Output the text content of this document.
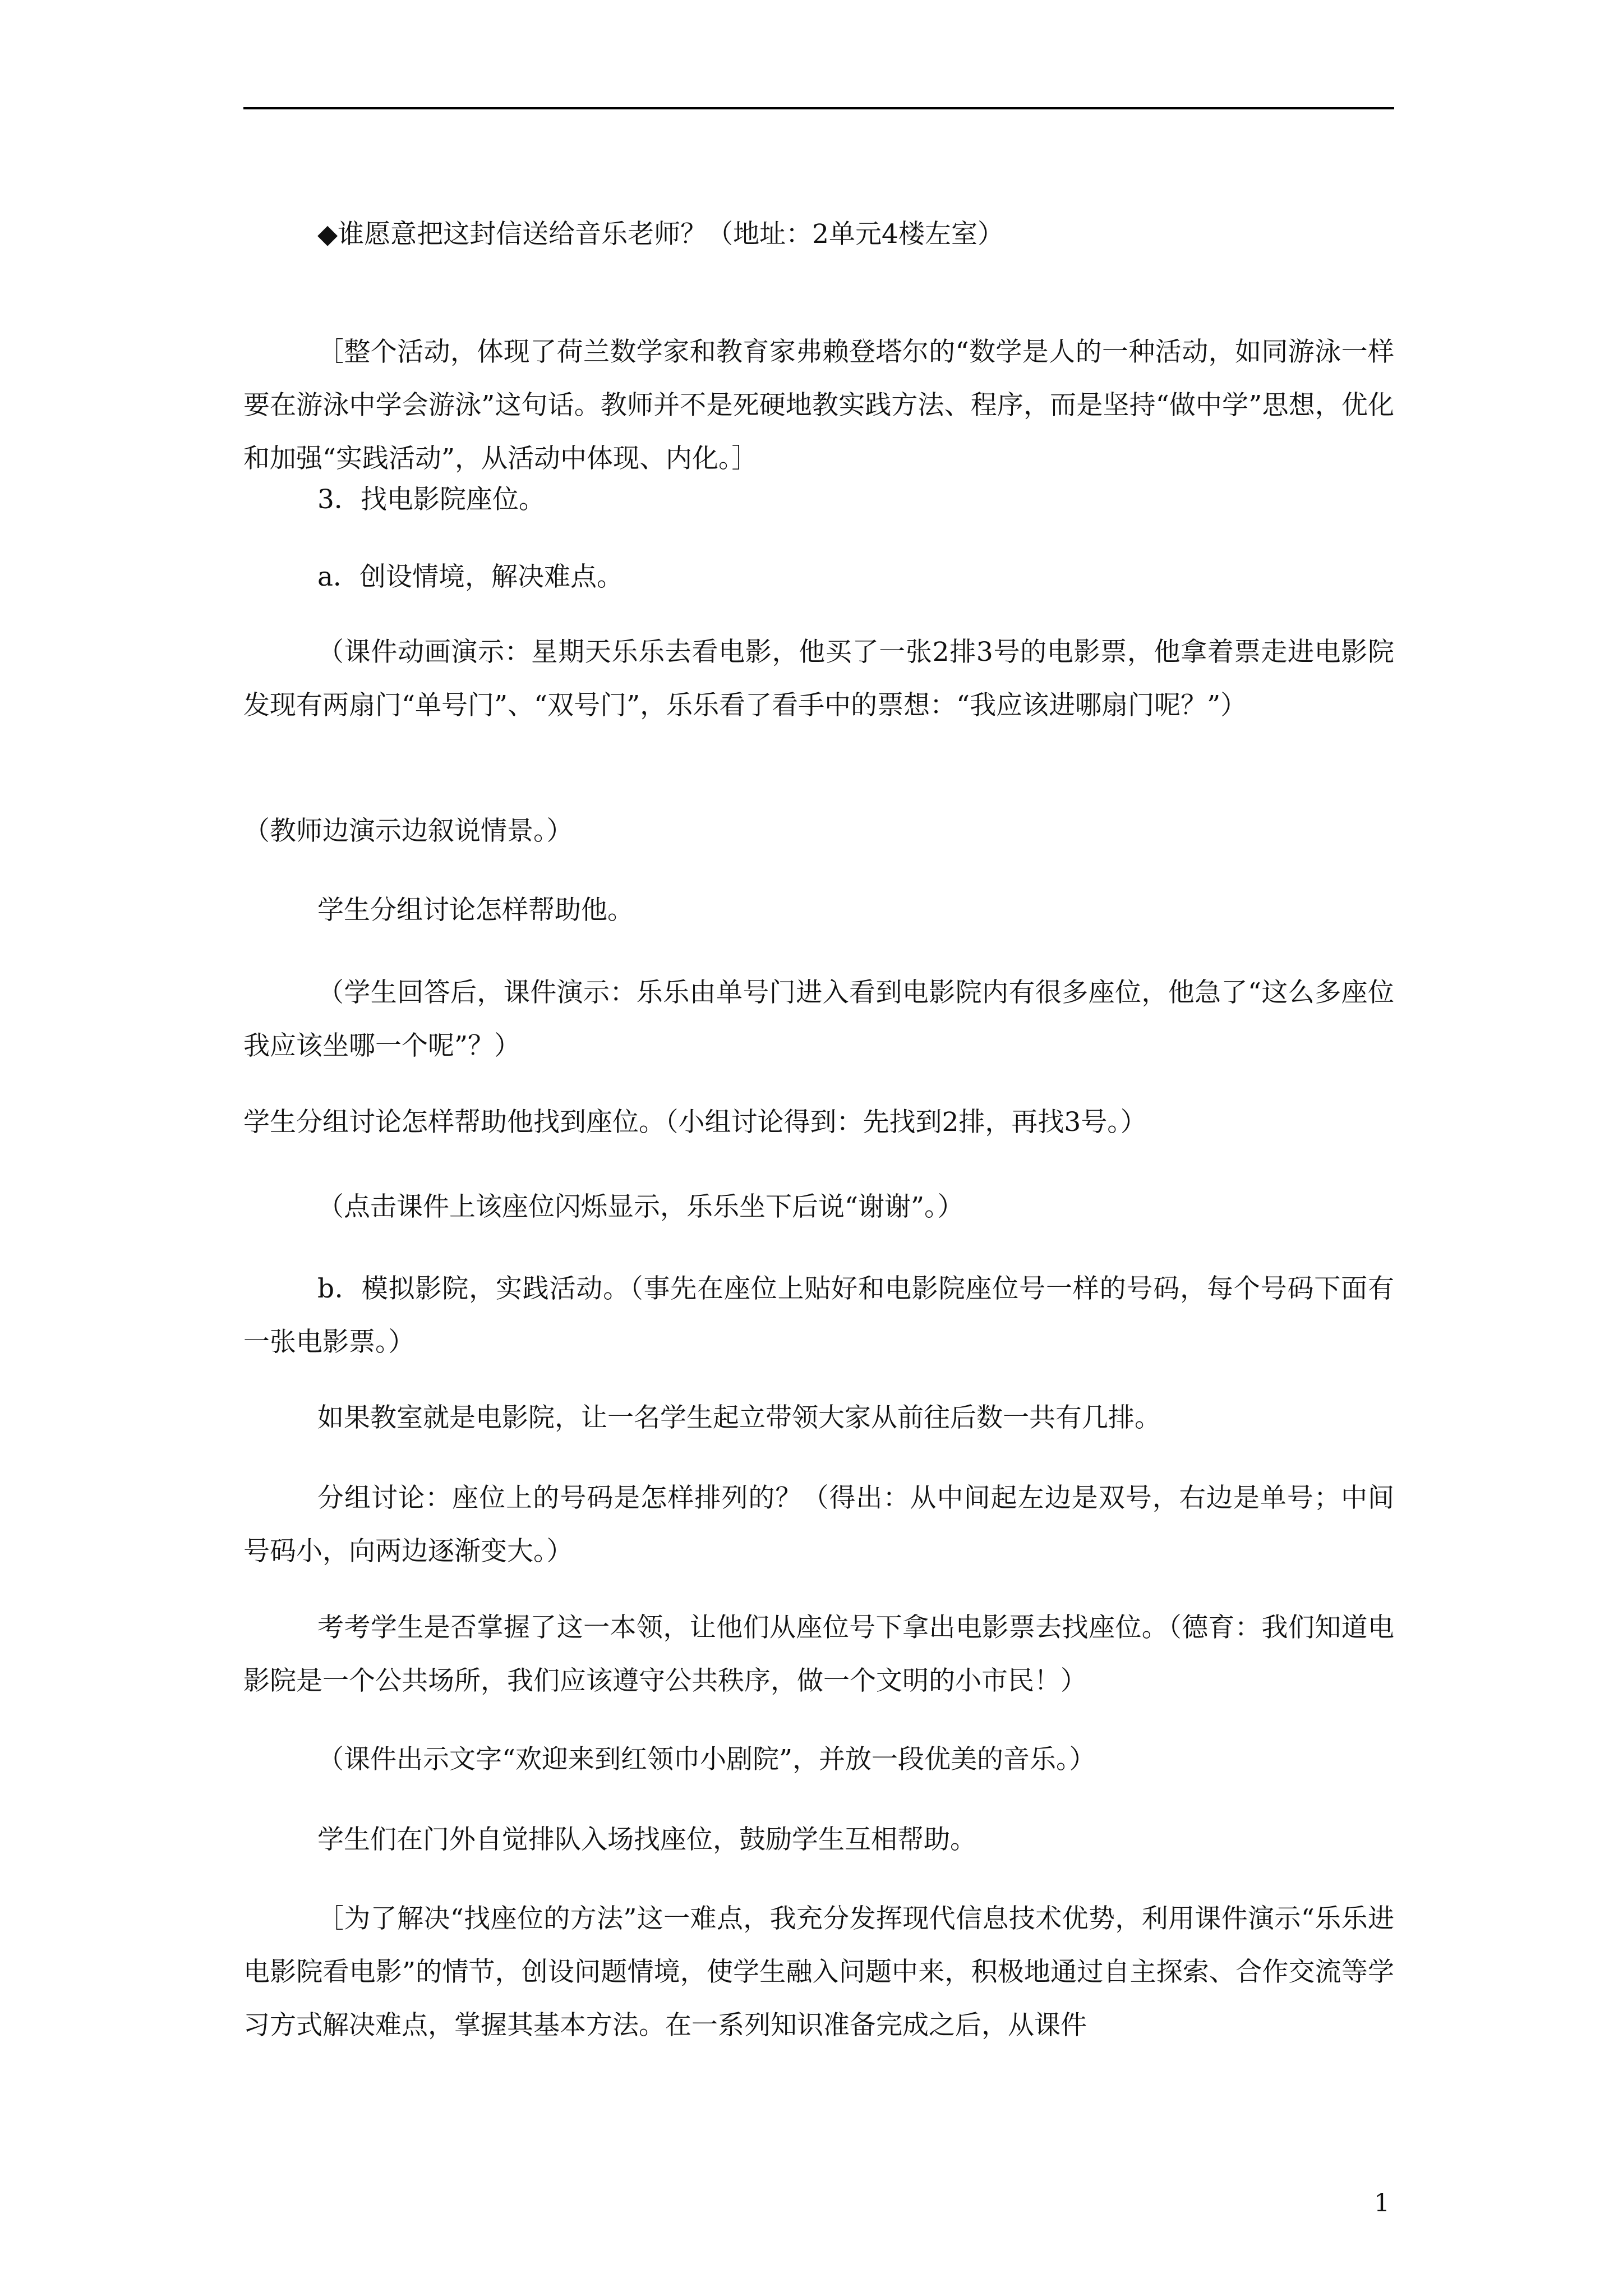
◆谁愿意把这封信送给音乐老师？（地址：2单元4楼左室）

［整个活动，体现了荷兰数学家和教育家弗赖登塔尔的“数学是人的一种活动，如同游泳一样要在游泳中学会游泳”这句话。教师并不是死硬地教实践方法、程序，而是坚持“做中学”思想，优化和加强“实践活动”，从活动中体现、内化。］

3．找电影院座位。

a．创设情境，解决难点。

（课件动画演示：星期天乐乐去看电影，他买了一张2排3号的电影票，他拿着票走进电影院发现有两扇门“单号门”、“双号门”，乐乐看了看手中的票想：“我应该进哪扇门呢？”）

（教师边演示边叙说情景。）

学生分组讨论怎样帮助他。

（学生回答后，课件演示：乐乐由单号门进入看到电影院内有很多座位，他急了“这么多座位我应该坐哪一个呢”？）

学生分组讨论怎样帮助他找到座位。（小组讨论得到：先找到2排，再找3号。）

（点击课件上该座位闪烁显示，乐乐坐下后说“谢谢”。）

b．模拟影院，实践活动。（事先在座位上贴好和电影院座位号一样的号码，每个号码下面有一张电影票。）

如果教室就是电影院，让一名学生起立带领大家从前往后数一共有几排。

分组讨论：座位上的号码是怎样排列的？（得出：从中间起左边是双号，右边是单号；中间号码小，向两边逐渐变大。）

考考学生是否掌握了这一本领，让他们从座位号下拿出电影票去找座位。（德育：我们知道电影院是一个公共场所，我们应该遵守公共秩序，做一个文明的小市民！）

（课件出示文字“欢迎来到红领巾小剧院”，并放一段优美的音乐。）

学生们在门外自觉排队入场找座位，鼓励学生互相帮助。

［为了解决“找座位的方法”这一难点，我充分发挥现代信息技术优势，利用课件演示“乐乐进电影院看电影”的情节，创设问题情境，使学生融入问题中来，积极地通过自主探索、合作交流等学习方式解决难点，掌握其基本方法。在一系列知识准备完成之后，从课件

1
